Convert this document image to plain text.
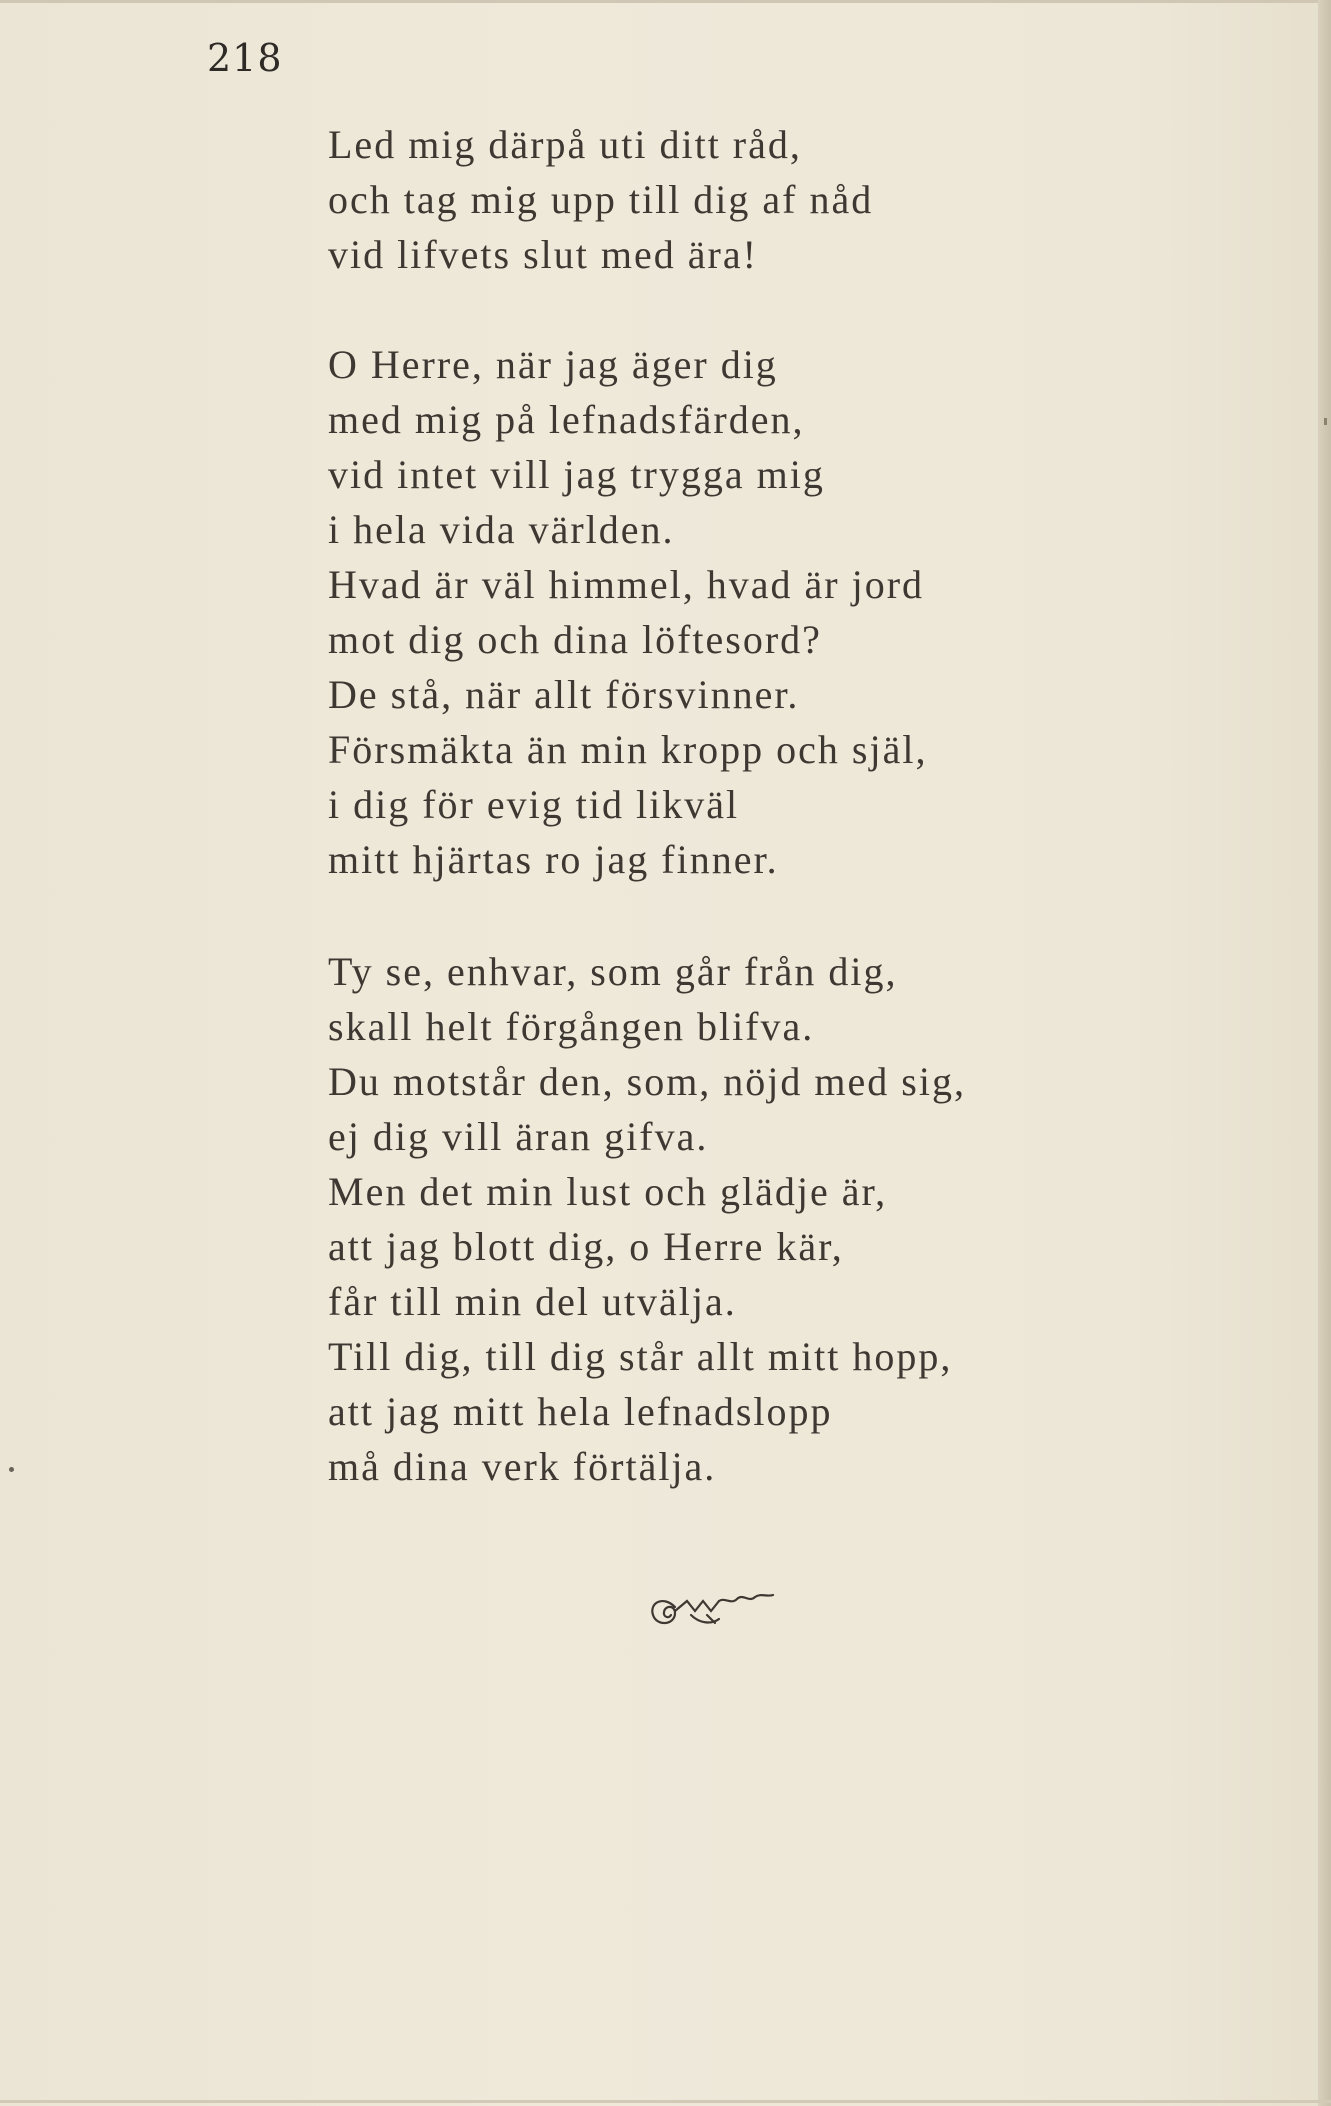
218
Led mig därpå uti ditt råd,
och tag mig upp till dig af nåd
vid lifvets slut med ära!
O Herre, när jag äger dig
med mig på lefnadsfärden,
vid intet vill jag trygga mig
i hela vida världen.
Hvad är väl himmel, hvad är jord
mot dig och dina löftesord?
De stå, när allt försvinner.
Försmäkta än min kropp och själ,
i dig för evig tid likväl
mitt hjärtas ro jag finner.
Ty se, enhvar, som går från dig,
skall helt förgången blifva.
Du motstår den, som, nöjd med sig,
ej dig vill äran gifva.
Men det min lust och glädje är,
att jag blott dig, o Herre kär,
får till min del utvälja.
Till dig, till dig står allt mitt hopp,
att jag mitt hela lefnadslopp
må dina verk förtälja.
